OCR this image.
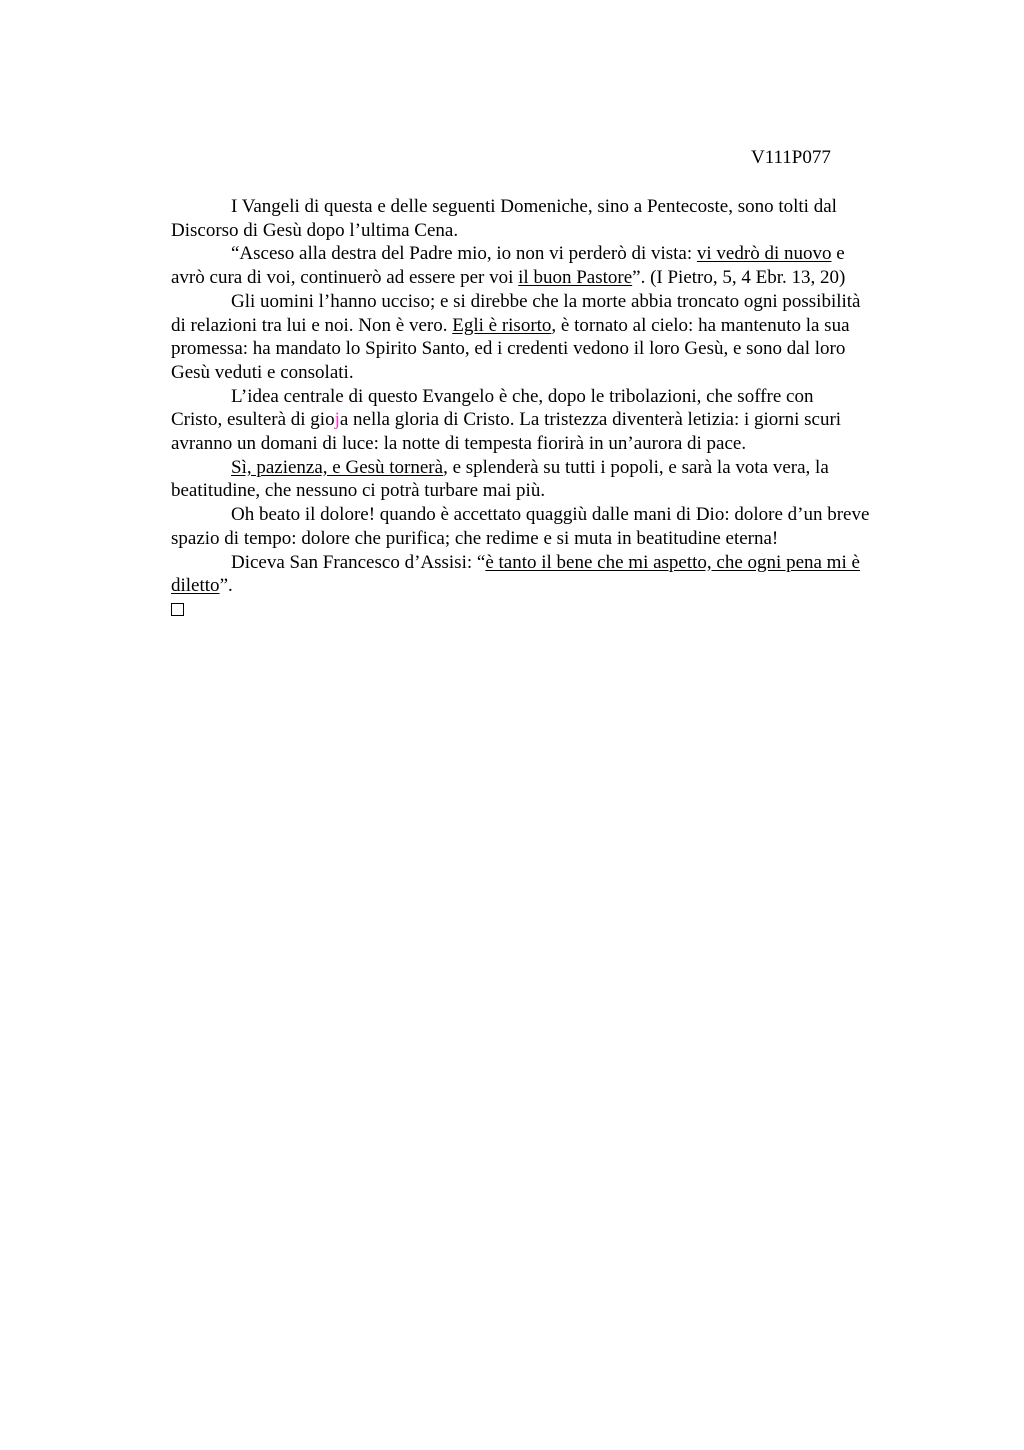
V111P077
I Vangeli di questa e delle seguenti Domeniche, sino a Pentecoste, sono tolti dal
Discorso di Gesù dopo l’ultima Cena.
“Asceso alla destra del Padre mio, io non vi perderò di vista: vi vedrò di nuovo e
avrò cura di voi, continuerò ad essere per voi il buon Pastore”. (I Pietro, 5, 4 Ebr. 13, 20)
Gli uomini l’hanno ucciso; e si direbbe che la morte abbia troncato ogni possibilità
di relazioni tra lui e noi. Non è vero. Egli è risorto, è tornato al cielo: ha mantenuto la sua
promessa: ha mandato lo Spirito Santo, ed i credenti vedono il loro Gesù, e sono dal loro
Gesù veduti e consolati.
L’idea centrale di questo Evangelo è che, dopo le tribolazioni, che soffre con
Cristo, esulterà di gioja nella gloria di Cristo. La tristezza diventerà letizia: i giorni scuri
avranno un domani di luce: la notte di tempesta fiorirà in un’aurora di pace.
Sì, pazienza, e Gesù tornerà, e splenderà su tutti i popoli, e sarà la vota vera, la
beatitudine, che nessuno ci potrà turbare mai più.
Oh beato il dolore! quando è accettato quaggiù dalle mani di Dio: dolore d’un breve
spazio di tempo: dolore che purifica; che redime e si muta in beatitudine eterna!
Diceva San Francesco d’Assisi: “è tanto il bene che mi aspetto, che ogni pena mi è
diletto”.
